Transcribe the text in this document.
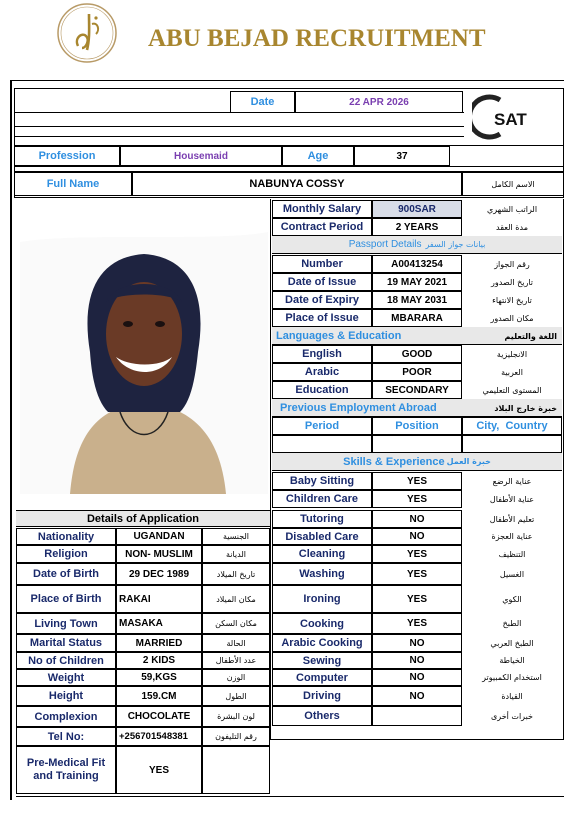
ABU BEJAD RECRUITMENT
Date	22 APR 2026
SAT
Profession	Housemaid	Age	37
Full Name	NABUNYA COSSY	الاسم الكامل
Monthly Salary	900SAR	الراتب الشهري
Contract Period	2 YEARS	مدة العقد
Passport Details بيانات جواز السفر
Number	A00413254	رقم الجواز
Date of Issue	19 MAY 2021	تاريخ الصدور
Date of Expiry	18 MAY 2031	تاريخ الانتهاء
Place of Issue	MBARARA	مكان الصدور
Languages & Education	اللغة والتعليم
English	GOOD	الانجليزية
Arabic	POOR	العربية
Education	SECONDARY	المستوى التعليمي
Previous Employment Abroad	خبرة خارج البلاد
Period	Position	City,  Country
Skills & Experience خبرة العمل
Baby Sitting	YES	عناية الرضع
Children Care	YES	عناية الأطفال
Tutoring	NO	تعليم الأطفال
Disabled Care	NO	عناية العجزة
Cleaning	YES	التنظيف
Washing	YES	الغسيل
Ironing	YES	الكوي
Cooking	YES	الطبخ
Arabic Cooking	NO	الطبخ العربي
Sewing	NO	الخياطة
Computer	NO	استخدام الكمبيوتر
Driving	NO	القيادة
Others	خبرات أخرى
Details of Application
Nationality	UGANDAN	الجنسية
Religion	NON- MUSLIM	الديانة
Date of Birth	29 DEC 1989	تاريخ الميلاد
Place of Birth	RAKAI	مكان الميلاد
Living Town	MASAKA	مكان السكن
Marital Status	MARRIED	الحالة
No of Children	2 KIDS	عدد الأطفال
Weight	59,KGS	الوزن
Height	159.CM	الطول
Complexion	CHOCOLATE	لون البشرة
Tel No:	+256701548381	رقم التليفون
Pre-Medical Fit and Training	YES
